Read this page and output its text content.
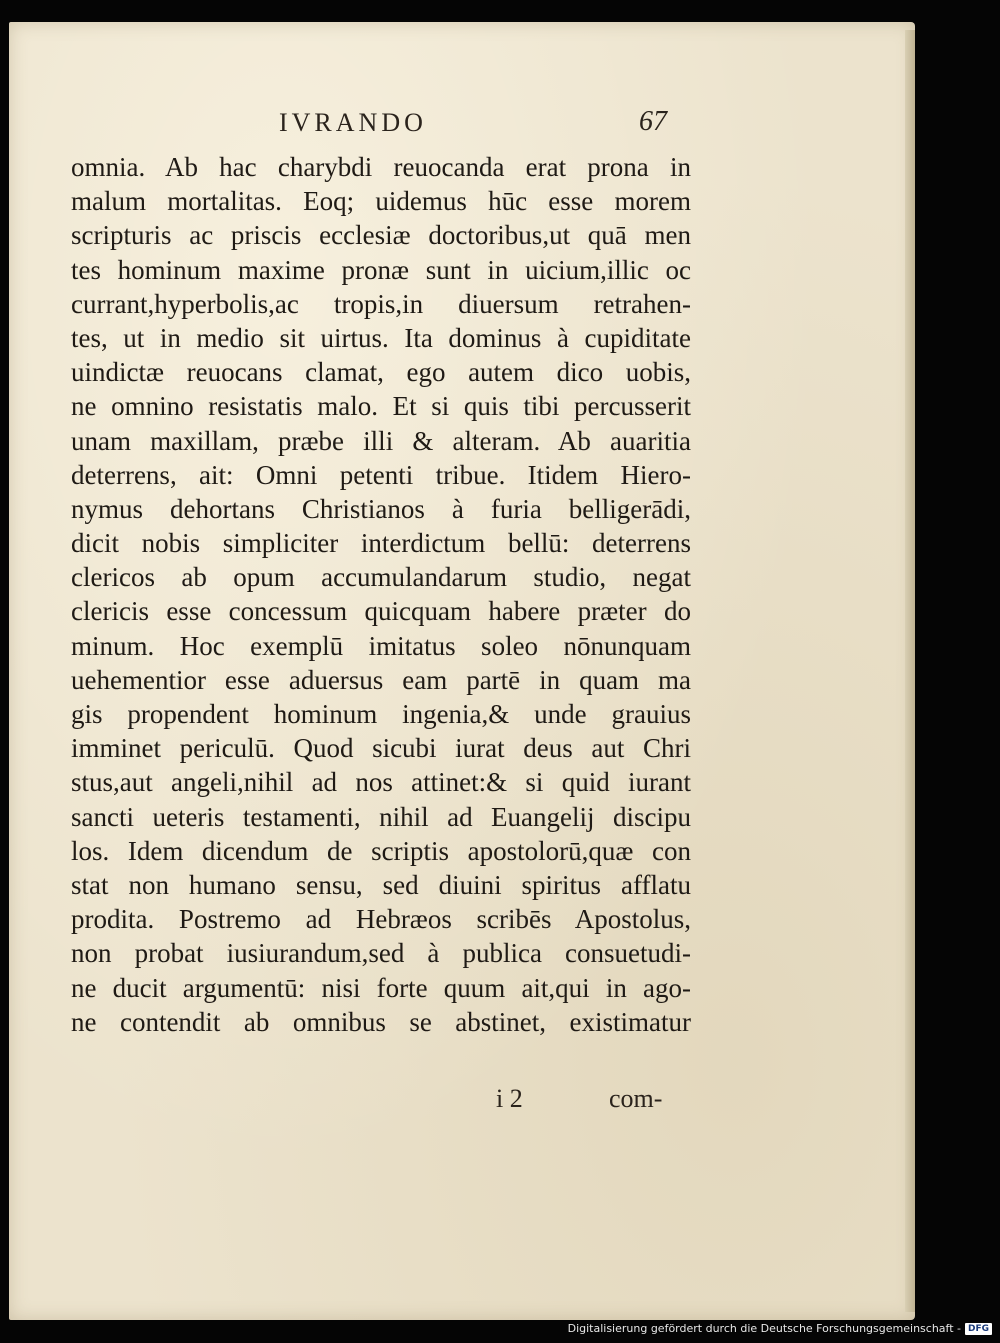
IVRANDO	67
omnia. Ab hac charybdi reuocanda erat prona in
malum mortalitas. Eoq; uidemus hūc esse morem
scripturis ac priscis ecclesiæ doctoribus,ut quā men
tes hominum maxime pronæ sunt in uicium,illic oc
currant,hyperbolis,ac tropis,in diuersum retrahen-
tes, ut in medio sit uirtus. Ita dominus à cupiditate
uindictæ reuocans clamat, ego autem dico uobis,
ne omnino resistatis malo. Et si quis tibi percusserit
unam maxillam, præbe illi & alteram. Ab auaritia
deterrens, ait: Omni petenti tribue. Itidem Hiero-
nymus dehortans Christianos à furia belligerādi,
dicit nobis simpliciter interdictum bellū: deterrens
clericos ab opum accumulandarum studio, negat
clericis esse concessum quicquam habere præter do
minum. Hoc exemplū imitatus soleo nōnunquam
uehementior esse aduersus eam partē in quam ma
gis propendent hominum ingenia,& unde grauius
imminet periculū. Quod sicubi iurat deus aut Chri
stus,aut angeli,nihil ad nos attinet:& si quid iurant
sancti ueteris testamenti, nihil ad Euangelij discipu
los. Idem dicendum de scriptis apostolorū,quæ con
stat non humano sensu, sed diuini spiritus afflatu
prodita. Postremo ad Hebræos scribēs Apostolus,
non probat iusiurandum,sed à publica consuetudi-
ne ducit argumentū: nisi forte quum ait,qui in ago-
ne contendit ab omnibus se abstinet, existimatur
i 2	com-
Digitalisierung gefördert durch die Deutsche Forschungsgemeinschaft - DFG
